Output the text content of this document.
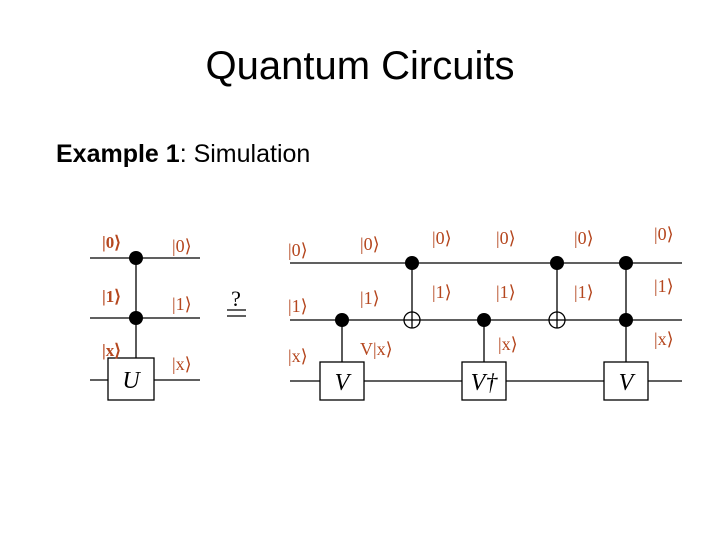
Quantum Circuits
Example 1: Simulation
U	V	V†	V
|0⟩
|1⟩
|x⟩
|0⟩
|1⟩
|x⟩
|0⟩
|1⟩
|x⟩
|0⟩
|1⟩
V|x⟩
|0⟩
|1⟩
|0⟩
|1⟩
|x⟩
|0⟩
|1⟩
|0⟩
|1⟩
|x⟩
?
